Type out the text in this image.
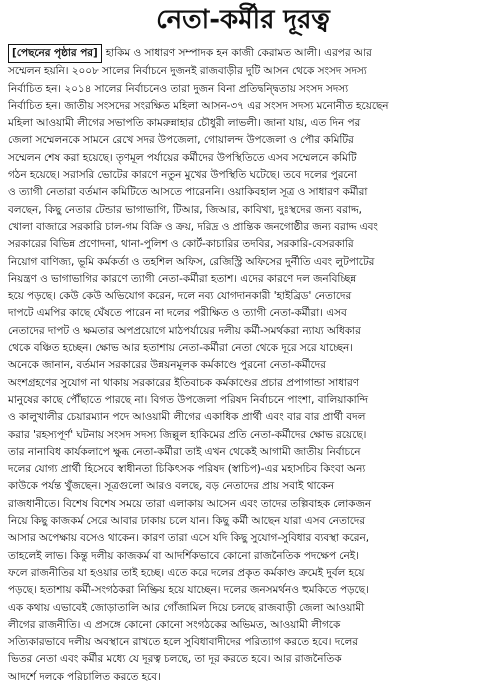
নেতা-কর্মীর দূরত্ব
[পেছনের পৃষ্ঠার পর] হাকিম ও সাধারণ সম্পাদক হন কাজী কেরামত আলী। এরপর আর
সম্মেলন হয়নি। ২০০৮ সালের নির্বাচনে দুজনই রাজবাড়ীর দুটি আসন থেকে সংসদ সদস্য
নির্বাচিত হন। ২০১৪ সালের নির্বাচনেও তারা দুজন বিনা প্রতিদ্বন্দ্বিতায় সংসদ সদস্য
নির্বাচিত হন। জাতীয় সংসদের সংরক্ষিত মহিলা আসন-৩৭ এর সংসদ সদস্য মনোনীত হয়েছেন
মহিলা আওয়ামী লীগের সভাপতি কামরুন্নাহার চৌধুরী লাভলী। জানা যায়, এত দিন পর
জেলা সম্মেলনকে সামনে রেখে সদর উপজেলা, গোয়ালন্দ উপজেলা ও পৌর কমিটির
সম্মেলন শেষ করা হয়েছে। তৃণমূল পর্যায়ের কর্মীদের উপস্থিতিতে এসব সম্মেলনে কমিটি
গঠন হয়েছে। সরাসরি ভোটের কারণে নতুন মুখের উপস্থিতি ঘটেছে। তবে দলের পুরনো
ও ত্যাগী নেতারা বর্তমান কমিটিতে আসতে পারেননি। ওয়াকিবহাল সূত্র ও সাধারণ কর্মীরা
বলছেন, কিছু নেতার টেন্ডার ভাগাভাগি, টিআর, জিআর, কাবিখা, দুঃস্থদের জন্য বরাদ্দ,
খোলা বাজারে সরকারি চাল-গম বিক্রি ও ক্রয়, দরিদ্র ও প্রান্তিক জনগোষ্ঠীর জন্য বরাদ্দ এবং
সরকারের বিভিন্ন প্রণোদনা, থানা-পুলিশ ও কোর্ট-কাচারির তদবির, সরকারি-বেসরকারি
নিয়োগ বাণিজ্য, ভূমি কর্মকর্তা ও তহশিল অফিস, রেজিস্ট্রি অফিসের দুর্নীতি এবং লুটপাটের
নিয়ন্ত্রণ ও ভাগাভাগির কারণে ত্যাগী নেতা-কর্মীরা হতাশ। এদের কারণে দল জনবিচ্ছিন্ন
হয়ে পড়ছে। কেউ কেউ অভিযোগ করেন, দলে নব্য যোগদানকারী 'হাইব্রিড' নেতাদের
দাপটে এমপির কাছে ঘেঁষতে পারেন না দলের পরীক্ষিত ও ত্যাগী নেতা-কর্মীরা। এসব
নেতাদের দাপট ও ক্ষমতার অপপ্রয়োগে মাঠপর্যায়ের দলীয় কর্মী-সমর্থকরা ন্যায্য অধিকার
থেকে বঞ্চিত হচ্ছেন। ক্ষোভ আর হতাশায় নেতা-কর্মীরা নেতা থেকে দূরে সরে যাচ্ছেন।
অনেকে জানান, বর্তমান সরকারের উন্নয়নমূলক কর্মকাণ্ডে পুরনো নেতা-কর্মীদের
অংশগ্রহণের সুযোগ না থাকায় সরকারের ইতিবাচক কর্মকাণ্ডের প্রচার প্রপাগান্ডা সাধারণ
মানুষের কাছে পৌঁছাতে পারছে না। বিগত উপজেলা পরিষদ নির্বাচনে পাংশা, বালিয়াকান্দি
ও কালুখালীর চেয়ারম্যান পদে আওয়ামী লীগের একাধিক প্রার্থী এবং বার বার প্রার্থী বদল
করার 'রহস্যপূর্ণ' ঘটনায় সংসদ সদস্য জিল্লুল হাকিমের প্রতি নেতা-কর্মীদের ক্ষোভ রয়েছে।
তার নানাবিধ কার্যকলাপে ক্ষুব্ধ নেতা-কর্মীরা তাই এখন থেকেই আগামী জাতীয় নির্বাচনে
দলের যোগ্য প্রার্থী হিসেবে স্বাধীনতা চিকিৎসক পরিষদ (স্বাচিপ)-এর মহাসচিব কিংবা অন্য
কাউকে পর্যন্ত খুঁজছেন। সূত্রগুলো আরও বলছে, বড় নেতাদের প্রায় সবাই থাকেন
রাজধানীতে। বিশেষ বিশেষ সময়ে তারা এলাকায় আসেন এবং তাদের তল্পিবাহক লোকজন
নিয়ে কিছু কাজকর্ম সেরে আবার ঢাকায় চলে যান। কিছু কর্মী আছেন যারা এসব নেতাদের
আসার অপেক্ষায় বসেও থাকেন। কারণ তারা এসে যদি কিছু সুযোগ-সুবিধার ব্যবস্থা করেন,
তাহলেই লাভ। কিন্তু দলীয় কাজকর্ম বা আদর্শিকভাবে কোনো রাজনৈতিক পদক্ষেপ নেই।
ফলে রাজনীতির যা হওয়ার তাই হচ্ছে। এতে করে দলের প্রকৃত কর্মকাণ্ড ক্রমেই দুর্বল হয়ে
পড়ছে। হতাশায় কর্মী-সংগঠকরা নিষ্ক্রিয় হয়ে যাচ্ছেন। দলের জনসমর্থনও হুমকিতে পড়ছে।
এক কথায় এভাবেই জোড়াতালি আর গোঁজামিল দিয়ে চলছে রাজবাড়ী জেলা আওয়ামী
লীগের রাজনীতি। এ প্রসঙ্গে কোনো কোনো সংগঠকের অভিমত, আওয়ামী লীগকে
সত্যিকারভাবে দলীয় অবস্থানে রাখতে হলে সুবিধাবাদীদের পরিত্যাগ করতে হবে। দলের
ভিতর নেতা এবং কর্মীর মধ্যে যে দূরত্ব চলছে, তা দূর করতে হবে। আর রাজনৈতিক
আদর্শে দলকে পরিচালিত করতে হবে।
